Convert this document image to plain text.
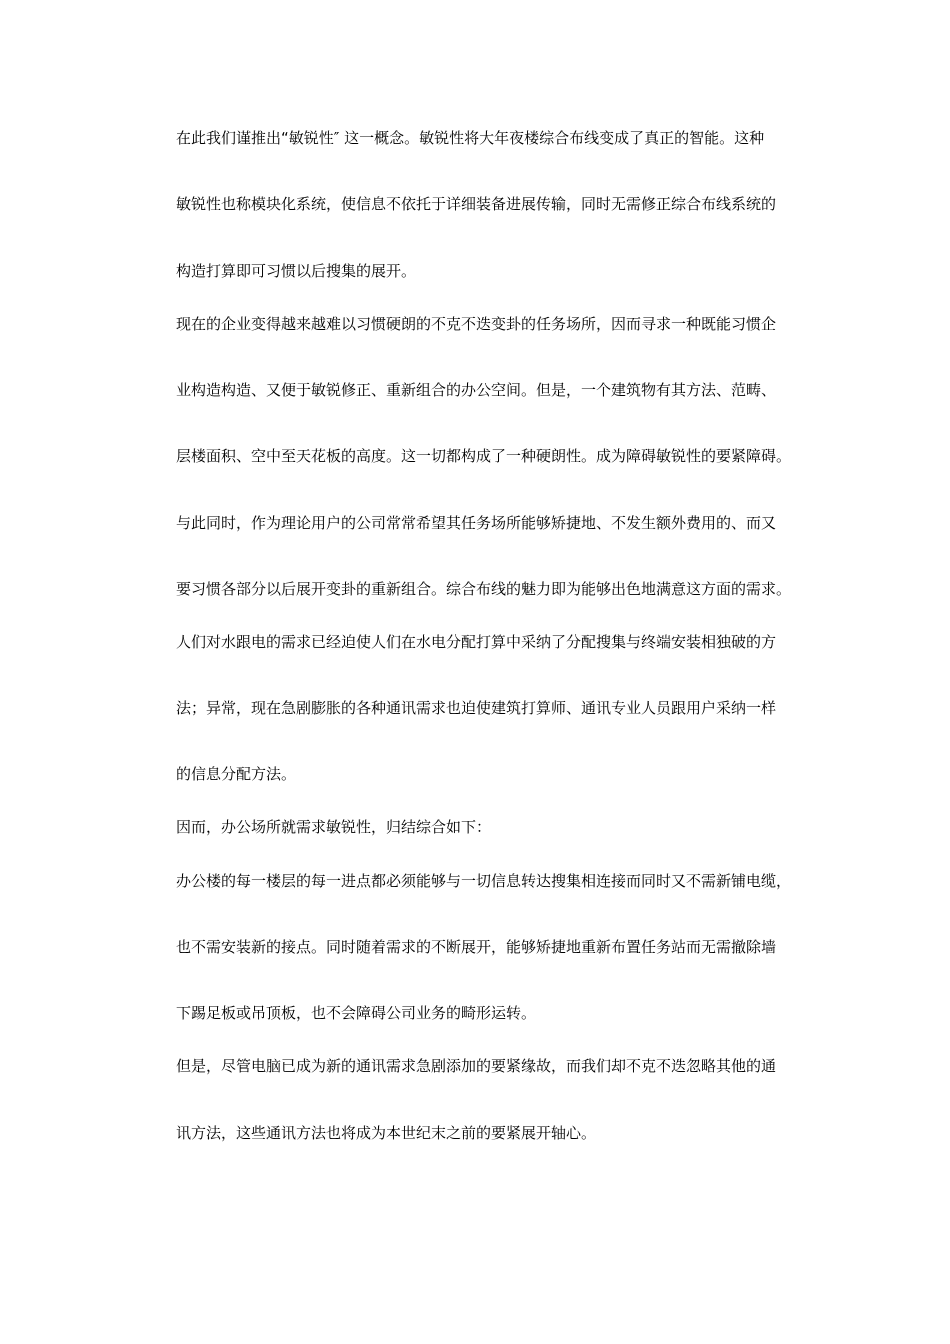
在此我们谨推出“敏锐性″ 这一概念。敏锐性将大年夜楼综合布线变成了真正的智能。这种
敏锐性也称模块化系统，使信息不依托于详细装备进展传输，同时无需修正综合布线系统的
构造打算即可习惯以后搜集的展开。
现在的企业变得越来越难以习惯硬朗的不克不迭变卦的任务场所，因而寻求一种既能习惯企
业构造构造、又便于敏锐修正、重新组合的办公空间。但是，一个建筑物有其方法、范畴、
层楼面积、空中至天花板的高度。这一切都构成了一种硬朗性。成为障碍敏锐性的要紧障碍。
与此同时，作为理论用户的公司常常希望其任务场所能够矫捷地、不发生额外费用的、而又
要习惯各部分以后展开变卦的重新组合。综合布线的魅力即为能够出色地满意这方面的需求。
人们对水跟电的需求已经迫使人们在水电分配打算中采纳了分配搜集与终端安装相独破的方
法；异常，现在急剧膨胀的各种通讯需求也迫使建筑打算师、通讯专业人员跟用户采纳一样
的信息分配方法。
因而，办公场所就需求敏锐性，归结综合如下：
办公楼的每一楼层的每一进点都必须能够与一切信息转达搜集相连接而同时又不需新铺电缆，
也不需安装新的接点。同时随着需求的不断展开，能够矫捷地重新布置任务站而无需撤除墙
下踢足板或吊顶板，也不会障碍公司业务的畸形运转。
但是，尽管电脑已成为新的通讯需求急剧添加的要紧缘故，而我们却不克不迭忽略其他的通
讯方法，这些通讯方法也将成为本世纪末之前的要紧展开轴心。
